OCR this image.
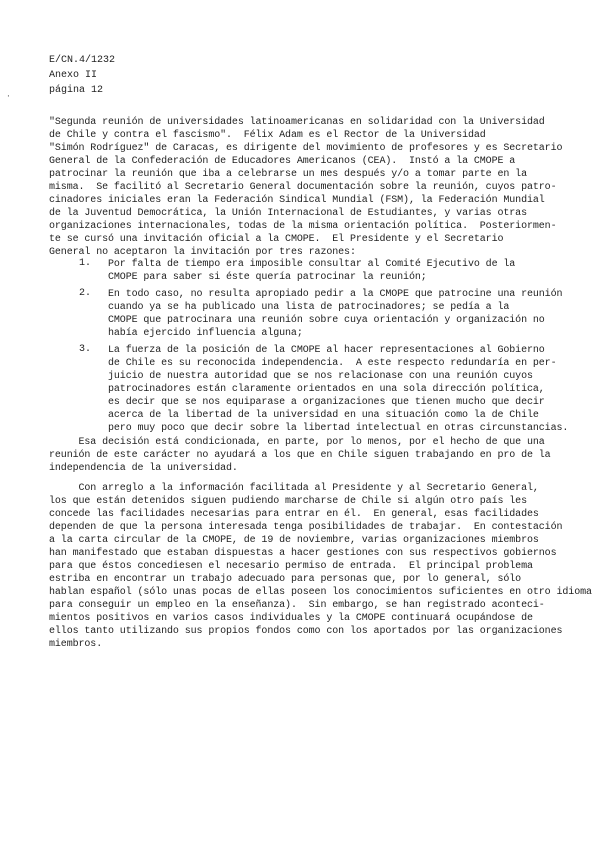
E/CN.4/1232
Anexo II
página 12
·
"Segunda reunión de universidades latinoamericanas en solidaridad con la Universidad
de Chile y contra el fascismo".  Félix Adam es el Rector de la Universidad
"Simón Rodríguez" de Caracas, es dirigente del movimiento de profesores y es Secretario
General de la Confederación de Educadores Americanos (CEA).  Instó a la CMOPE a
patrocinar la reunión que iba a celebrarse un mes después y/o a tomar parte en la
misma.  Se facilitó al Secretario General documentación sobre la reunión, cuyos patro-
cinadores iniciales eran la Federación Sindical Mundial (FSM), la Federación Mundial
de la Juventud Democrática, la Unión Internacional de Estudiantes, y varias otras
organizaciones internacionales, todas de la misma orientación política.  Posteriormen-
te se cursó una invitación oficial a la CMOPE.  El Presidente y el Secretario
General no aceptaron la invitación por tres razones:
1. Por falta de tiempo era imposible consultar al Comité Ejecutivo de la
CMOPE para saber si éste quería patrocinar la reunión;
2. En todo caso, no resulta apropiado pedir a la CMOPE que patrocine una reunión
cuando ya se ha publicado una lista de patrocinadores; se pedía a la
CMOPE que patrocinara una reunión sobre cuya orientación y organización no
había ejercido influencia alguna;
3. La fuerza de la posición de la CMOPE al hacer representaciones al Gobierno
de Chile es su reconocida independencia.  A este respecto redundaría en per-
juicio de nuestra autoridad que se nos relacionase con una reunión cuyos
patrocinadores están claramente orientados en una sola dirección política,
es decir que se nos equiparase a organizaciones que tienen mucho que decir
acerca de la libertad de la universidad en una situación como la de Chile
pero muy poco que decir sobre la libertad intelectual en otras circunstancias.
Esa decisión está condicionada, en parte, por lo menos, por el hecho de que una
reunión de este carácter no ayudará a los que en Chile siguen trabajando en pro de la
independencia de la universidad.
Con arreglo a la información facilitada al Presidente y al Secretario General,
los que están detenidos siguen pudiendo marcharse de Chile si algún otro país les
concede las facilidades necesarias para entrar en él.  En general, esas facilidades
dependen de que la persona interesada tenga posibilidades de trabajar.  En contestación
a la carta circular de la CMOPE, de 19 de noviembre, varias organizaciones miembros
han manifestado que estaban dispuestas a hacer gestiones con sus respectivos gobiernos
para que éstos concediesen el necesario permiso de entrada.  El principal problema
estriba en encontrar un trabajo adecuado para personas que, por lo general, sólo
hablan español (sólo unas pocas de ellas poseen los conocimientos suficientes en otro idioma
para conseguir un empleo en la enseñanza).  Sin embargo, se han registrado aconteci-
mientos positivos en varios casos individuales y la CMOPE continuará ocupándose de
ellos tanto utilizando sus propios fondos como con los aportados por las organizaciones
miembros.
